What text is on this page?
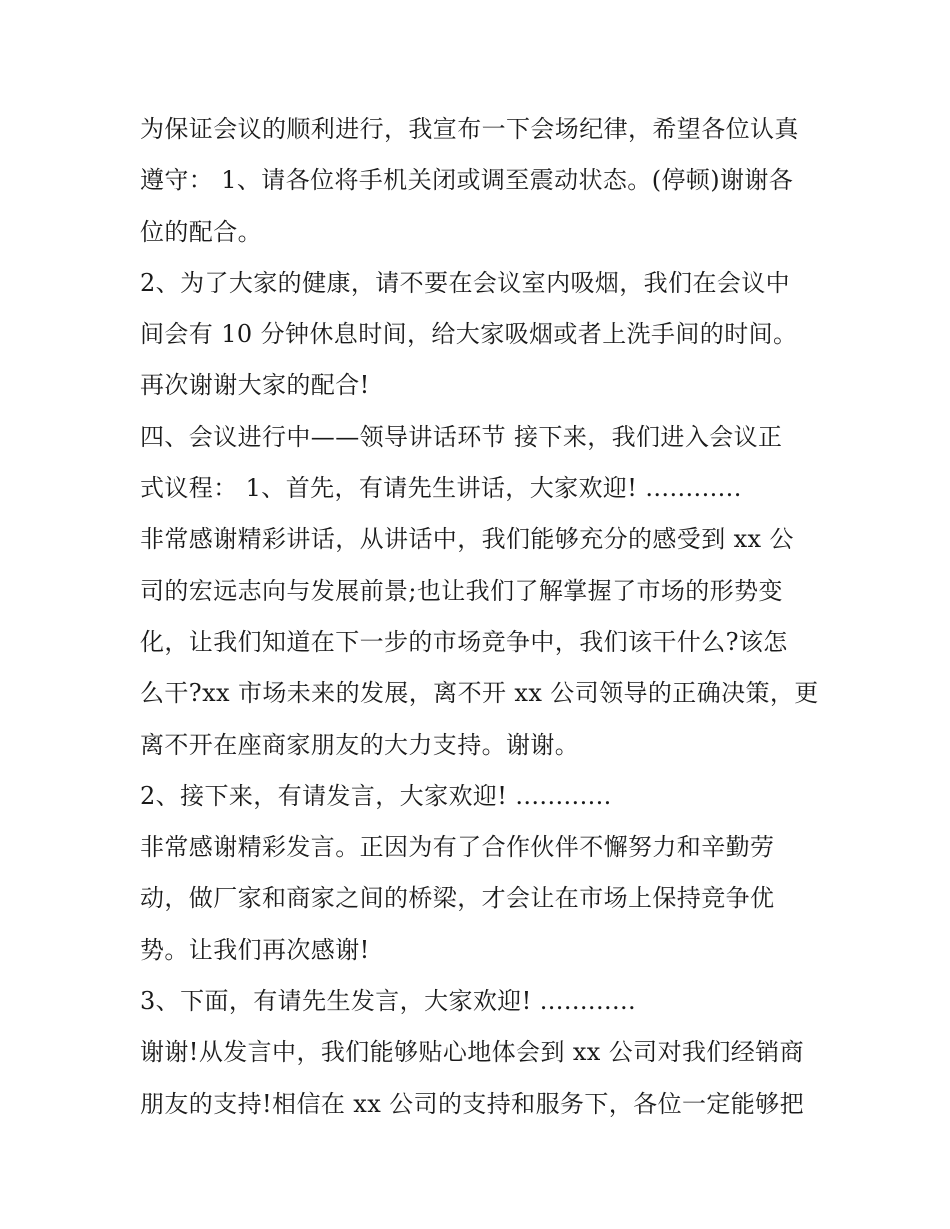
为保证会议的顺利进行，我宣布一下会场纪律，希望各位认真
遵守： 1、请各位将手机关闭或调至震动状态。(停顿)谢谢各
位的配合。
2、为了大家的健康，请不要在会议室内吸烟，我们在会议中
间会有 10 分钟休息时间，给大家吸烟或者上洗手间的时间。
再次谢谢大家的配合!
四、会议进行中——领导讲话环节 接下来，我们进入会议正
式议程： 1、首先，有请先生讲话，大家欢迎! ............
非常感谢精彩讲话，从讲话中，我们能够充分的感受到 xx 公
司的宏远志向与发展前景;也让我们了解掌握了市场的形势变
化，让我们知道在下一步的市场竞争中，我们该干什么?该怎
么干?xx 市场未来的发展，离不开 xx 公司领导的正确决策，更
离不开在座商家朋友的大力支持。谢谢。
2、接下来，有请发言，大家欢迎! ............
非常感谢精彩发言。正因为有了合作伙伴不懈努力和辛勤劳
动，做厂家和商家之间的桥梁，才会让在市场上保持竞争优
势。让我们再次感谢!
3、下面，有请先生发言，大家欢迎! ............
谢谢!从发言中，我们能够贴心地体会到 xx 公司对我们经销商
朋友的支持!相信在 xx 公司的支持和服务下，各位一定能够把
